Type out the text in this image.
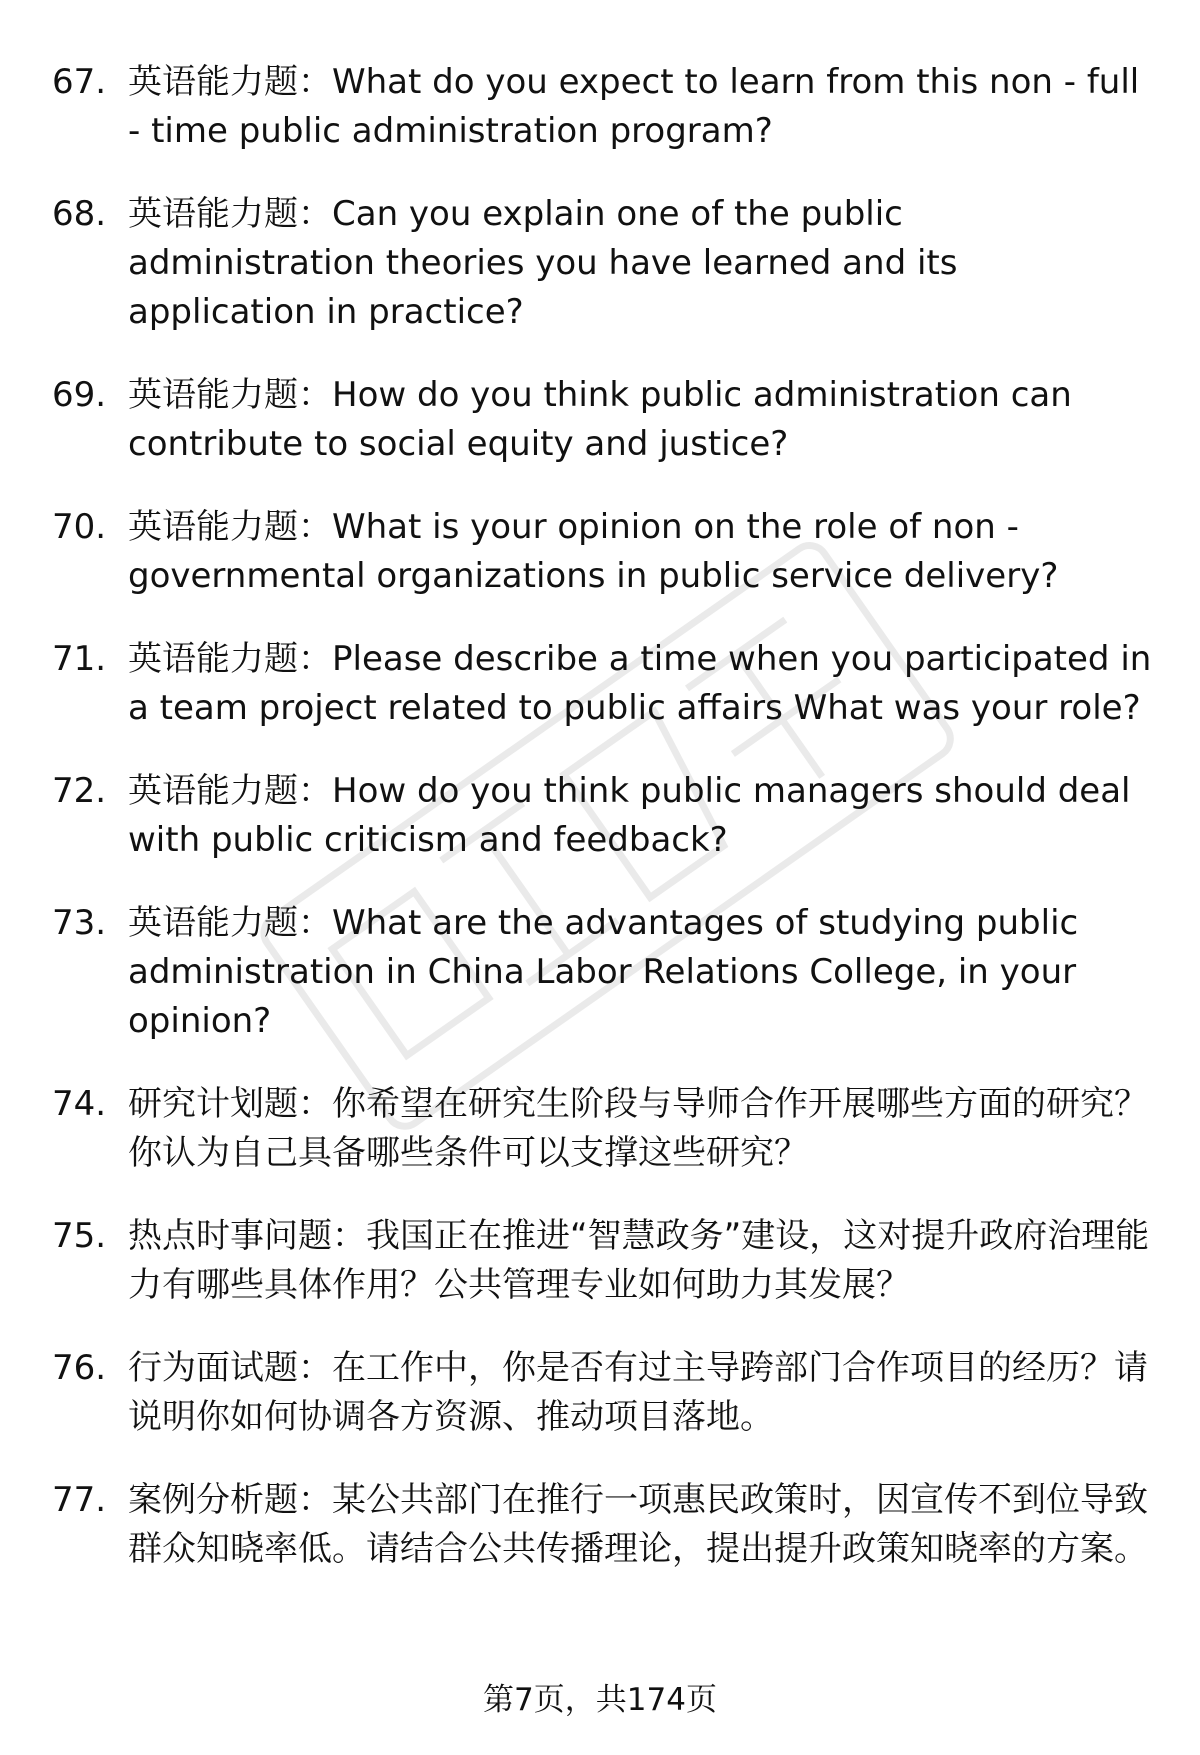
67. 英语能力题：What do you expect to learn from this non - full - time public administration program?
68. 英语能力题：Can you explain one of the public administration theories you have learned and its application in practice?
69. 英语能力题：How do you think public administration can contribute to social equity and justice?
70. 英语能力题：What is your opinion on the role of non - governmental organizations in public service delivery?
71. 英语能力题：Please describe a time when you participated in a team project related to public affairs What was your role?
72. 英语能力题：How do you think public managers should deal with public criticism and feedback?
73. 英语能力题：What are the advantages of studying public administration in China Labor Relations College, in your opinion?
74. 研究计划题：你希望在研究生阶段与导师合作开展哪些方面的研究？你认为自己具备哪些条件可以支撑这些研究？
75. 热点时事问题：我国正在推进“智慧政务”建设，这对提升政府治理能力有哪些具体作用？公共管理专业如何助力其发展？
76. 行为面试题：在工作中，你是否有过主导跨部门合作项目的经历？请说明你如何协调各方资源、推动项目落地。
77. 案例分析题：某公共部门在推行一项惠民政策时，因宣传不到位导致群众知晓率低。请结合公共传播理论，提出提升政策知晓率的方案。
第7页，共174页
